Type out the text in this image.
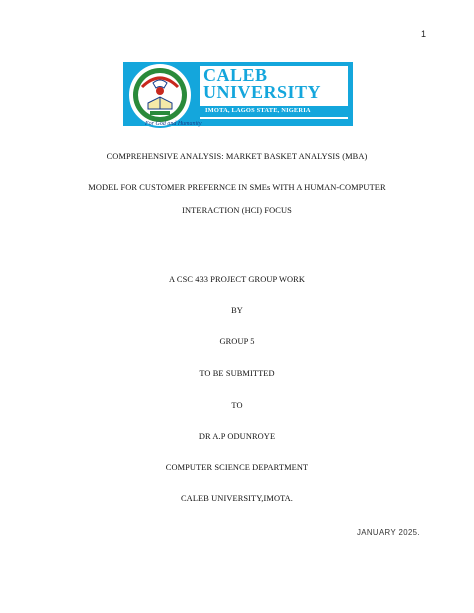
1
CALEB
UNIVERSITY
IMOTA, LAGOS STATE, NIGERIA
For God and Humanity
COMPREHENSIVE ANALYSIS: MARKET BASKET ANALYSIS (MBA)
MODEL FOR CUSTOMER PREFERNCE IN SMEs WITH A HUMAN-COMPUTER
INTERACTION (HCI) FOCUS
A CSC 433 PROJECT GROUP WORK
BY
GROUP 5
TO BE SUBMITTED
TO
DR A.P ODUNROYE
COMPUTER SCIENCE DEPARTMENT
CALEB UNIVERSITY,IMOTA.
JANUARY 2025.
